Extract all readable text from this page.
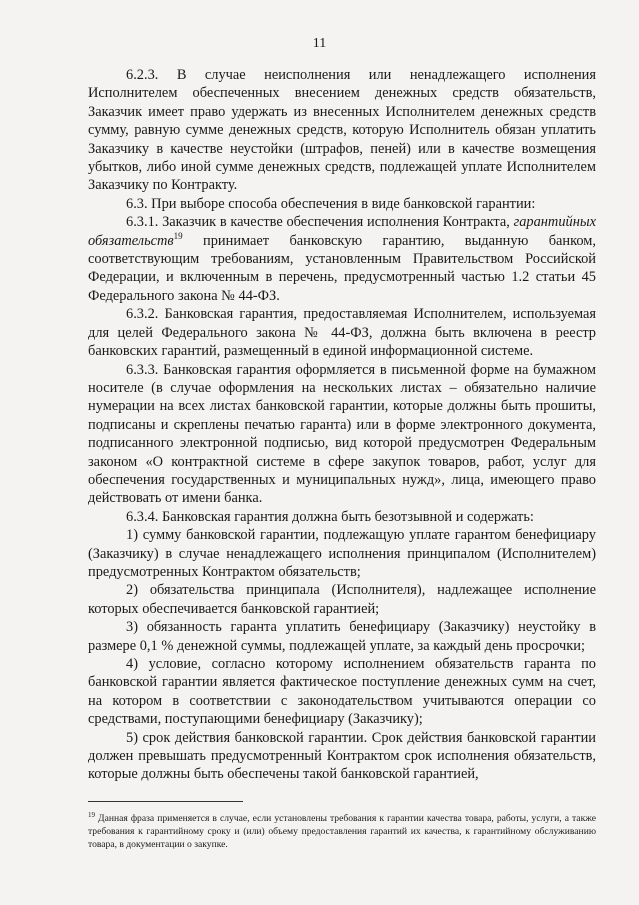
11

6.2.3. В случае неисполнения или ненадлежащего исполнения Исполнителем обеспеченных внесением денежных средств обязательств, Заказчик имеет право удержать из внесенных Исполнителем денежных средств сумму, равную сумме денежных средств, которую Исполнитель обязан уплатить Заказчику в качестве неустойки (штрафов, пеней) или в качестве возмещения убытков, либо иной сумме денежных средств, подлежащей уплате Исполнителем Заказчику по Контракту.

6.3. При выборе способа обеспечения в виде банковской гарантии:

6.3.1. Заказчик в качестве обеспечения исполнения Контракта, гарантийных обязательств$^{19}$ принимает банковскую гарантию, выданную банком, соответствующим требованиям, установленным Правительством Российской Федерации, и включенным в перечень, предусмотренный частью 1.2 статьи 45 Федерального закона № 44-ФЗ.

6.3.2. Банковская гарантия, предоставляемая Исполнителем, используемая для целей Федерального закона № 44-ФЗ, должна быть включена в реестр банковских гарантий, размещенный в единой информационной системе.

6.3.3. Банковская гарантия оформляется в письменной форме на бумажном носителе (в случае оформления на нескольких листах – обязательно наличие нумерации на всех листах банковской гарантии, которые должны быть прошиты, подписаны и скреплены печатью гаранта) или в форме электронного документа, подписанного электронной подписью, вид которой предусмотрен Федеральным законом «О контрактной системе в сфере закупок товаров, работ, услуг для обеспечения государственных и муниципальных нужд», лица, имеющего право действовать от имени банка.

6.3.4. Банковская гарантия должна быть безотзывной и содержать:

1) сумму банковской гарантии, подлежащую уплате гарантом бенефициару (Заказчику) в случае ненадлежащего исполнения принципалом (Исполнителем) предусмотренных Контрактом обязательств;

2) обязательства принципала (Исполнителя), надлежащее исполнение которых обеспечивается банковской гарантией;

3) обязанность гаранта уплатить бенефициару (Заказчику) неустойку в размере 0,1 % денежной суммы, подлежащей уплате, за каждый день просрочки;

4) условие, согласно которому исполнением обязательств гаранта по банковской гарантии является фактическое поступление денежных сумм на счет, на котором в соответствии с законодательством учитываются операции со средствами, поступающими бенефициару (Заказчику);

5) срок действия банковской гарантии. Срок действия банковской гарантии должен превышать предусмотренный Контрактом срок исполнения обязательств, которые должны быть обеспечены такой банковской гарантией,

$^{19}$ Данная фраза применяется в случае, если установлены требования к гарантии качества товара, работы, услуги, а также требования к гарантийному сроку и (или) объему предоставления гарантий их качества, к гарантийному обслуживанию товара, в документации о закупке.
